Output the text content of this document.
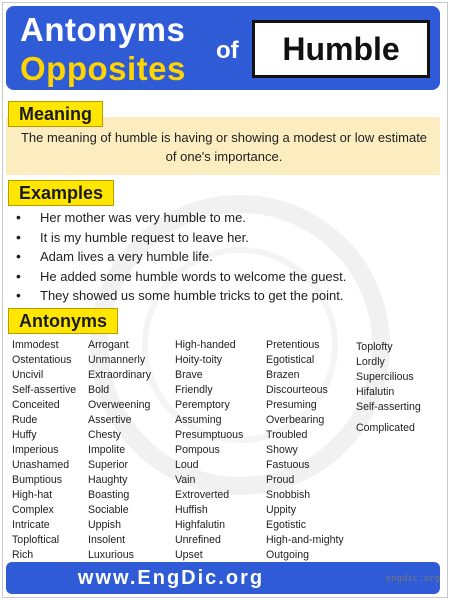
Antonyms
Opposites of	Humble
Meaning
The meaning of humble is having or showing a modest or low estimate of one's importance.
Examples
• Her mother was very humble to me.
• It is my humble request to leave her.
• Adam lives a very humble life.
• He added some humble words to welcome the guest.
• They showed us some humble tricks to get the point.
Antonyms
Immodest
Ostentatious
Uncivil
Self-assertive
Conceited
Rude
Huffy
Imperious
Unashamed
Bumptious
High-hat
Complex
Intricate
Toploftical
Rich
Arrogant
Unmannerly
Extraordinary
Bold
Overweening
Assertive
Chesty
Impolite
Superior
Haughty
Boasting
Sociable
Uppish
Insolent
Luxurious
High-handed
Hoity-toity
Brave
Friendly
Peremptory
Assuming
Presumptuous
Pompous
Loud
Vain
Extroverted
Huffish
Highfalutin
Unrefined
Upset
Pretentious
Egotistical
Brazen
Discourteous
Presuming
Overbearing
Troubled
Showy
Fastuous
Proud
Snobbish
Uppity
Egotistic
High-and-mighty
Outgoing
Toplofty
Lordly
Supercilious
Hifalutin
Self-asserting
Complicated
www.EngDic.org	engdic.org
